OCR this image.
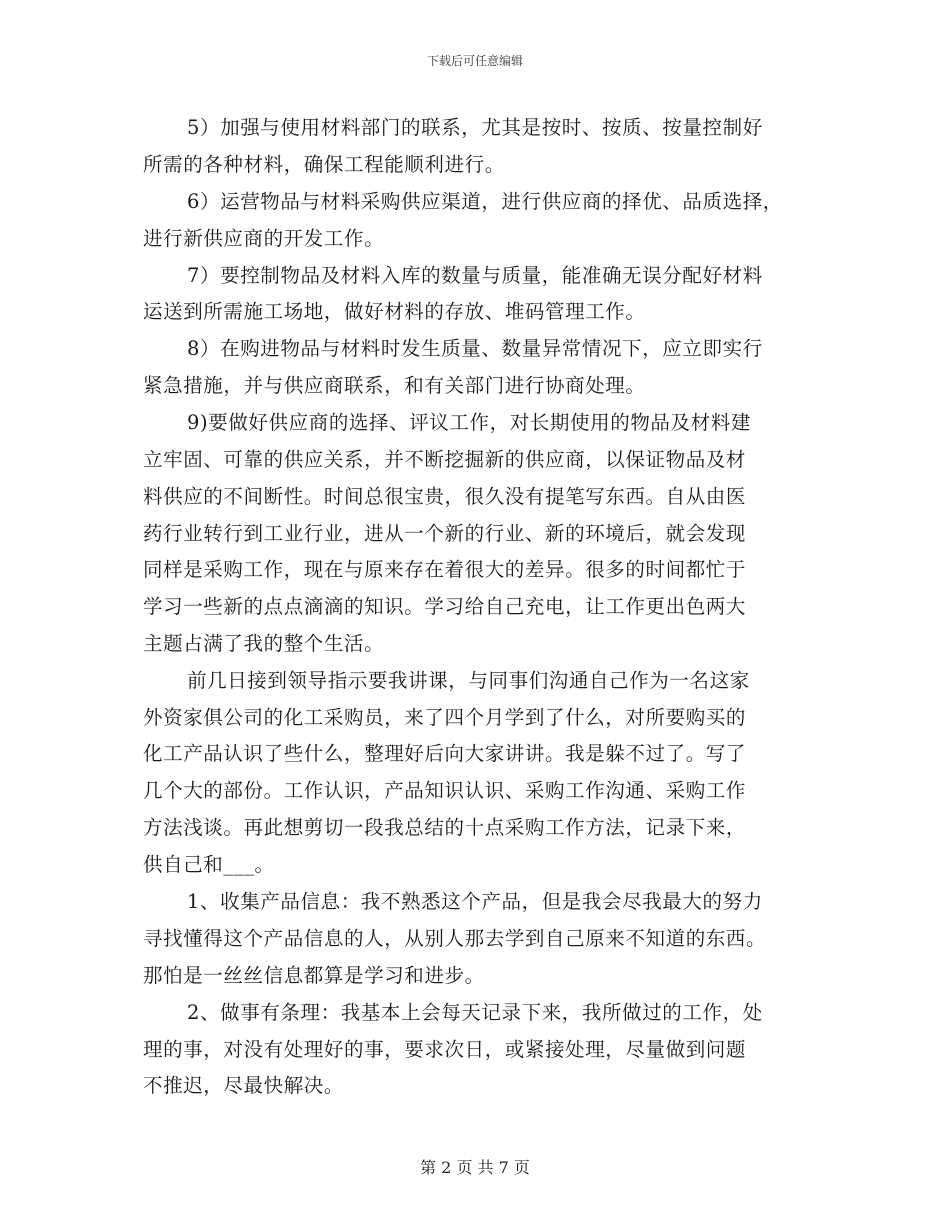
下载后可任意编辑
5）加强与使用材料部门的联系，尤其是按时、按质、按量控制好
所需的各种材料，确保工程能顺利进行。
6）运营物品与材料采购供应渠道，进行供应商的择优、品质选择，
进行新供应商的开发工作。
7）要控制物品及材料入库的数量与质量，能准确无误分配好材料
运送到所需施工场地，做好材料的存放、堆码管理工作。
8）在购进物品与材料时发生质量、数量异常情况下，应立即实行
紧急措施，并与供应商联系，和有关部门进行协商处理。
9)要做好供应商的选择、评议工作，对长期使用的物品及材料建
立牢固、可靠的供应关系，并不断挖掘新的供应商，以保证物品及材
料供应的不间断性。时间总很宝贵，很久没有提笔写东西。自从由医
药行业转行到工业行业，进从一个新的行业、新的环境后，就会发现
同样是采购工作，现在与原来存在着很大的差异。很多的时间都忙于
学习一些新的点点滴滴的知识。学习给自己充电，让工作更出色两大
主题占满了我的整个生活。
前几日接到领导指示要我讲课，与同事们沟通自己作为一名这家
外资家俱公司的化工采购员，来了四个月学到了什么，对所要购买的
化工产品认识了些什么，整理好后向大家讲讲。我是躲不过了。写了
几个大的部份。工作认识，产品知识认识、采购工作沟通、采购工作
方法浅谈。再此想剪切一段我总结的十点采购工作方法，记录下来，
供自己和___。
1、收集产品信息：我不熟悉这个产品，但是我会尽我最大的努力
寻找懂得这个产品信息的人，从别人那去学到自己原来不知道的东西。
那怕是一丝丝信息都算是学习和进步。
2、做事有条理：我基本上会每天记录下来，我所做过的工作，处
理的事，对没有处理好的事，要求次日，或紧接处理，尽量做到问题
不推迟，尽最快解决。
第 2 页 共 7 页
